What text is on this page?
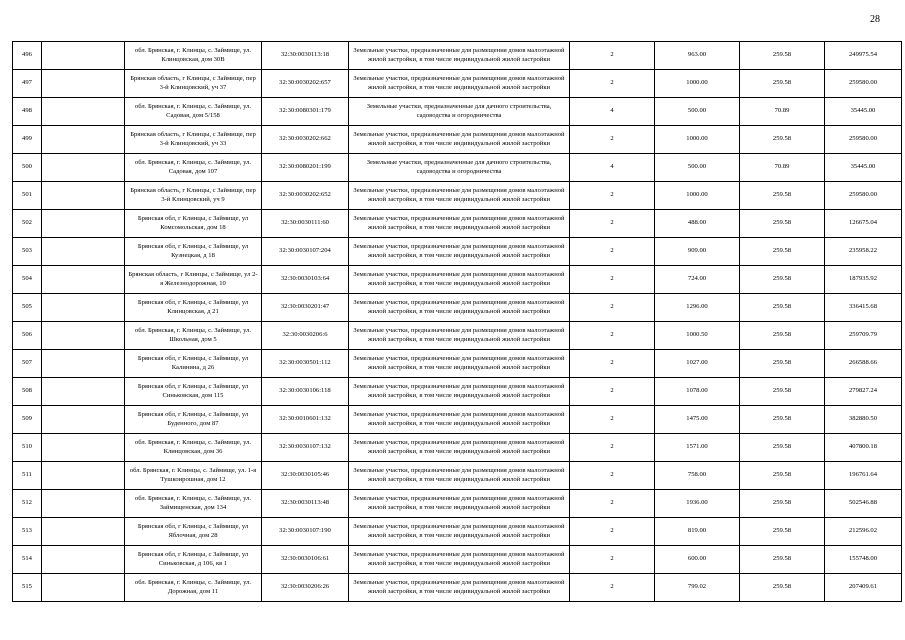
28
496		обл. Брянская, г. Клинцы, с. Займище, ул. Клинцовская, дом 30В	32:30:0030113:18	Земельные участки, предназначенные для размещения домов малоэтажной жилой застройки, в том числе индивидуальной жилой застройки	2	963.00	259.58	249975.54
497		Брянская область, г Клинцы, с Займище, пер 3-й Клинцовский, уч 37	32:30:0030202:657	Земельные участки, предназначенные для размещения домов малоэтажной жилой застройки, в том числе индивидуальной жилой застройки	2	1000.00	259.58	259580.00
498		обл. Брянская, г. Клинцы, с. Займище, ул. Садовая, дом 5/158	32:30:0080301:179	Земельные участки, предназначенные для дачного строительства, садоводства и огородничества	4	500.00	70.89	35445.00
499		Брянская область, г Клинцы, с Займище, пер 3-й Клинцовский, уч 33	32:30:0030202:662	Земельные участки, предназначенные для размещения домов малоэтажной жилой застройки, в том числе индивидуальной жилой застройки	2	1000.00	259.58	259580.00
500		обл. Брянская, г. Клинцы, с. Займище, ул. Садовая, дом 107	32:30:0080201:199	Земельные участки, предназначенные для дачного строительства, садоводства и огородничества	4	500.00	70.89	35445.00
501		Брянская область, г Клинцы, с Займище, пер 3-й Клинцовский, уч 9	32:30:0030202:652	Земельные участки, предназначенные для размещения домов малоэтажной жилой застройки, в том числе индивидуальной жилой застройки	2	1000.00	259.58	259580.00
502		Брянская обл, г Клинцы, с Займище, ул Комсомольская, дом 18	32:30:0030111:60	Земельные участки, предназначенные для размещения домов малоэтажной жилой застройки, в том числе индивидуальной жилой застройки	2	488.00	259.58	126675.04
503		Брянская обл, г Клинцы, с Займище, ул Кузнецкая, д 18	32:30:0030107:204	Земельные участки, предназначенные для размещения домов малоэтажной жилой застройки, в том числе индивидуальной жилой застройки	2	909.00	259.58	235958.22
504		Брянская область, г Клинцы, с Займище, ул 2-я Железнодорожная, 10	32:30:0030103:64	Земельные участки, предназначенные для размещения домов малоэтажной жилой застройки, в том числе индивидуальной жилой застройки	2	724.00	259.58	187935.92
505		Брянская обл, г Клинцы, с Займище, ул Клинцовская, д 21	32:30:0030201:47	Земельные участки, предназначенные для размещения домов малоэтажной жилой застройки, в том числе индивидуальной жилой застройки	2	1296.00	259.58	336415.68
506		обл. Брянская, г. Клинцы, с. Займище, ул. Школьная, дом 5	32:30:0030206:6	Земельные участки, предназначенные для размещения домов малоэтажной жилой застройки, в том числе индивидуальной жилой застройки	2	1000.50	259.58	259709.79
507		Брянская обл, г Клинцы, с Займище, ул Калинина, д 26	32:30:0030501:112	Земельные участки, предназначенные для размещения домов малоэтажной жилой застройки, в том числе индивидуальной жилой застройки	2	1027.00	259.58	266588.66
508		Брянская обл, г Клинцы, с Займище, ул Синьковская, дом 115	32:30:0030106:118	Земельные участки, предназначенные для размещения домов малоэтажной жилой застройки, в том числе индивидуальной жилой застройки	2	1078.00	259.58	279827.24
509		Брянская обл, г Клинцы, с Займище, ул Буденного, дом 87	32:30:0010601:132	Земельные участки, предназначенные для размещения домов малоэтажной жилой застройки, в том числе индивидуальной жилой застройки	2	1475.00	259.58	382880.50
510		обл. Брянская, г. Клинцы, с. Займище, ул. Клинцовская, дом 36	32:30:0030107:132	Земельные участки, предназначенные для размещения домов малоэтажной жилой застройки, в том числе индивидуальной жилой застройки	2	1571.00	259.58	407800.18
511		обл. Брянская, г. Клинцы, с. Займище, ул. 1-я Тушкоирошная, дом 12	32:30:0030105:46	Земельные участки, предназначенные для размещения домов малоэтажной жилой застройки, в том числе индивидуальной жилой застройки	2	758.00	259.58	196761.64
512		обл. Брянская, г. Клинцы, с. Займище, ул. Займищенская, дом 134	32:30:0030113:48	Земельные участки, предназначенные для размещения домов малоэтажной жилой застройки, в том числе индивидуальной жилой застройки	2	1936.00	259.58	502546.88
513		Брянская обл, г Клинцы, с Займище, ул Яблочная, дом 28	32:30:0030107:190	Земельные участки, предназначенные для размещения домов малоэтажной жилой застройки, в том числе индивидуальной жилой застройки	2	819.00	259.58	212596.02
514		Брянская обл, г Клинцы, с Займище, ул Синьковская, д 106, кв 1	32:30:0030106:61	Земельные участки, предназначенные для размещения домов малоэтажной жилой застройки, в том числе индивидуальной жилой застройки	2	600.00	259.58	155748.00
515		обл. Брянская, г. Клинцы, с. Займище, ул. Дорожная, дом 11	32:30:0030206:26	Земельные участки, предназначенные для размещения домов малоэтажной жилой застройки, в том числе индивидуальной жилой застройки	2	799.02	259.58	207409.61
